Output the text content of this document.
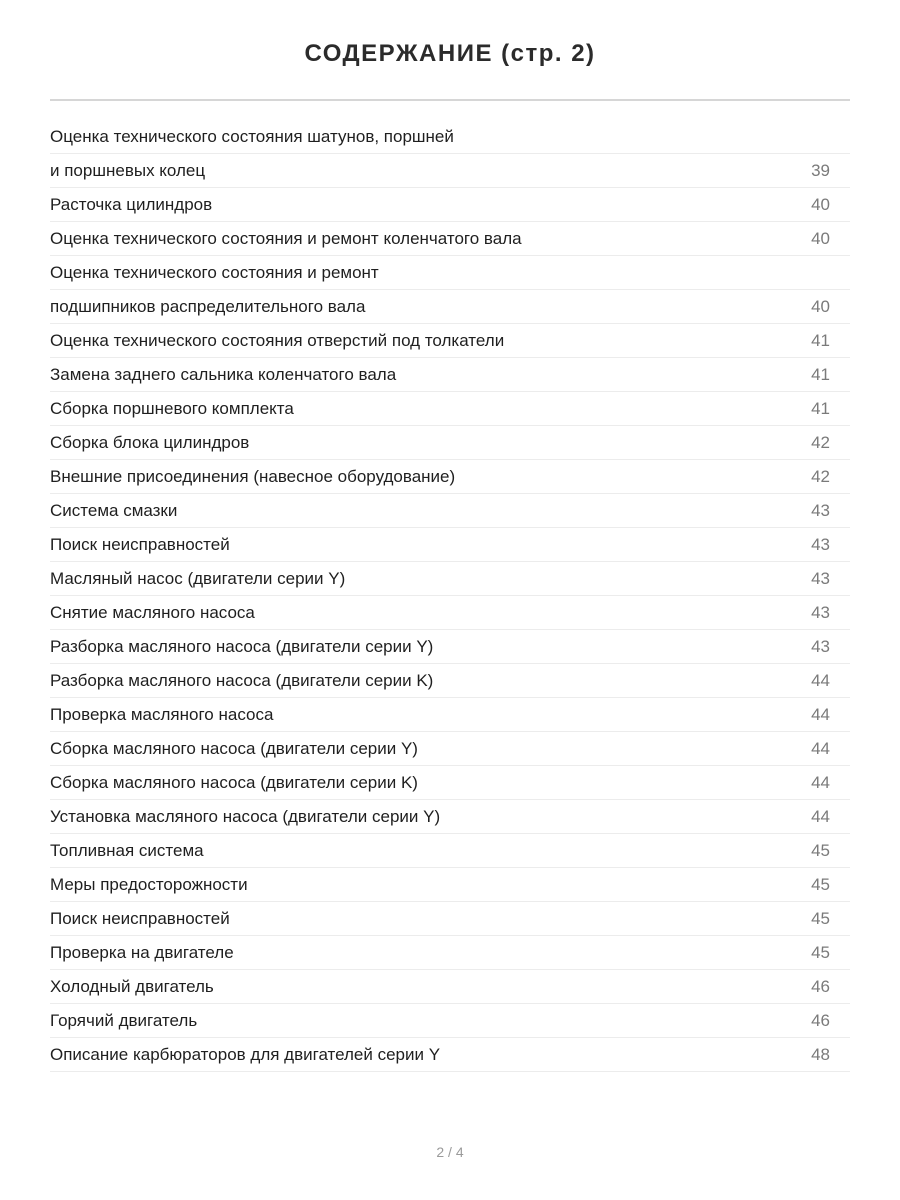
СОДЕРЖАНИЕ (стр. 2)
Оценка технического состояния шатунов, поршней
и поршневых колец	39
Расточка цилиндров	40
Оценка технического состояния и ремонт коленчатого вала	40
Оценка технического состояния и ремонт
подшипников распределительного вала	40
Оценка технического состояния отверстий под толкатели	41
Замена заднего сальника коленчатого вала	41
Сборка поршневого комплекта	41
Сборка блока цилиндров	42
Внешние присоединения (навесное оборудование)	42
Система смазки	43
Поиск неисправностей	43
Масляный насос (двигатели серии Y)	43
Снятие масляного насоса	43
Разборка масляного насоса (двигатели серии Y)	43
Разборка масляного насоса (двигатели серии K)	44
Проверка масляного насоса	44
Сборка масляного насоса (двигатели серии Y)	44
Сборка масляного насоса (двигатели серии K)	44
Установка масляного насоса (двигатели серии Y)	44
Топливная система	45
Меры предосторожности	45
Поиск неисправностей	45
Проверка на двигателе	45
Холодный двигатель	46
Горячий двигатель	46
Описание карбюраторов для двигателей серии Y	48
2 / 4
